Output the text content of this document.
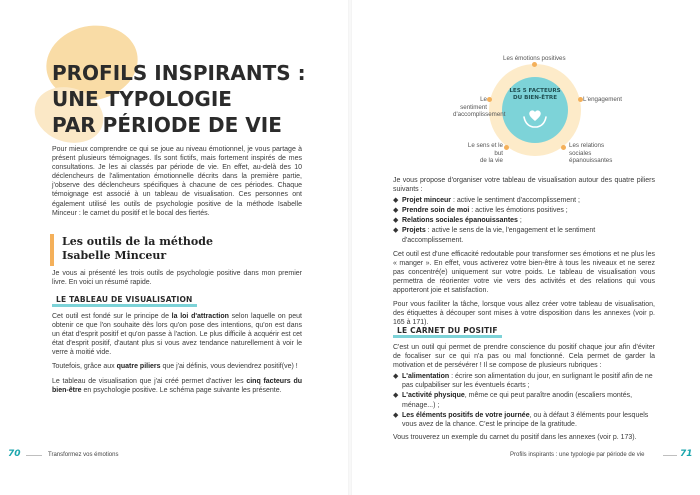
PROFILS INSPIRANTS :
UNE TYPOLOGIE
PAR PÉRIODE DE VIE

Pour mieux comprendre ce qui se joue au niveau émotionnel, je vous partage à présent plusieurs témoignages. Ils sont fictifs, mais fortement inspirés de mes consultations. Je les ai classés par période de vie. En effet, au-delà des 10 déclencheurs de l'alimentation émotionnelle décrits dans la première partie, j'observe des déclencheurs spécifiques à chacune de ces périodes. Chaque témoignage est associé à un tableau de visualisation. Ces personnes ont également utilisé les outils de psychologie positive de la méthode Isabelle Minceur : le carnet du positif et le bocal des fiertés.

Les outils de la méthode
Isabelle Minceur

Je vous ai présenté les trois outils de psychologie positive dans mon premier livre. En voici un résumé rapide.

LE TABLEAU DE VISUALISATION

Cet outil est fondé sur le principe de la loi d'attraction selon laquelle on peut obtenir ce que l'on souhaite dès lors qu'on pose des intentions, qu'on est dans un état d'esprit positif et qu'on passe à l'action. Le plus difficile à acquérir est cet état d'esprit positif, d'autant plus si vous avez tendance naturellement à voir le verre à moitié vide.

Toutefois, grâce aux quatre piliers que j'ai définis, vous deviendrez positif(ve) !

Le tableau de visualisation que j'ai créé permet d'activer les cinq facteurs du bien-être en psychologie positive. Le schéma page suivante les présente.

70	Transformez vos émotions
LES 5 FACTEURS
DU BIEN-ÊTRE
Les émotions positives
Le sentiment
d'accomplissement
L'engagement
Le sens et le but
de la vie
Les relations sociales
épanouissantes

Je vous propose d'organiser votre tableau de visualisation autour des quatre piliers suivants :

◆ Projet minceur : active le sentiment d'accomplissement ;
◆ Prendre soin de moi : active les émotions positives ;
◆ Relations sociales épanouissantes ;
◆ Projets : active le sens de la vie, l'engagement et le sentiment d'accomplissement.

Cet outil est d'une efficacité redoutable pour transformer ses émotions et ne plus les « manger ». En effet, vous activerez votre bien-être à tous les niveaux et ne serez pas concentré(e) uniquement sur votre poids. Le tableau de visualisation vous permettra de réorienter votre vie vers des activités et des relations qui vous apporteront joie et satisfaction.

Pour vous faciliter la tâche, lorsque vous allez créer votre tableau de visualisation, des étiquettes à découper sont mises à votre disposition dans les annexes (voir p. 165 à 171).

LE CARNET DU POSITIF

C'est un outil qui permet de prendre conscience du positif chaque jour afin d'éviter de focaliser sur ce qui n'a pas ou mal fonctionné. Cela permet de garder la motivation et de persévérer ! Il se compose de plusieurs rubriques :

◆ L'alimentation : écrire son alimentation du jour, en surlignant le positif afin de ne pas culpabiliser sur les éventuels écarts ;
◆ L'activité physique, même ce qui peut paraître anodin (escaliers montés, ménage...) ;
◆ Les éléments positifs de votre journée, ou à défaut 3 éléments pour lesquels vous avez de la chance. C'est le principe de la gratitude.

Vous trouverez un exemple du carnet du positif dans les annexes (voir p. 173).

Profils inspirants : une typologie par période de vie	71
